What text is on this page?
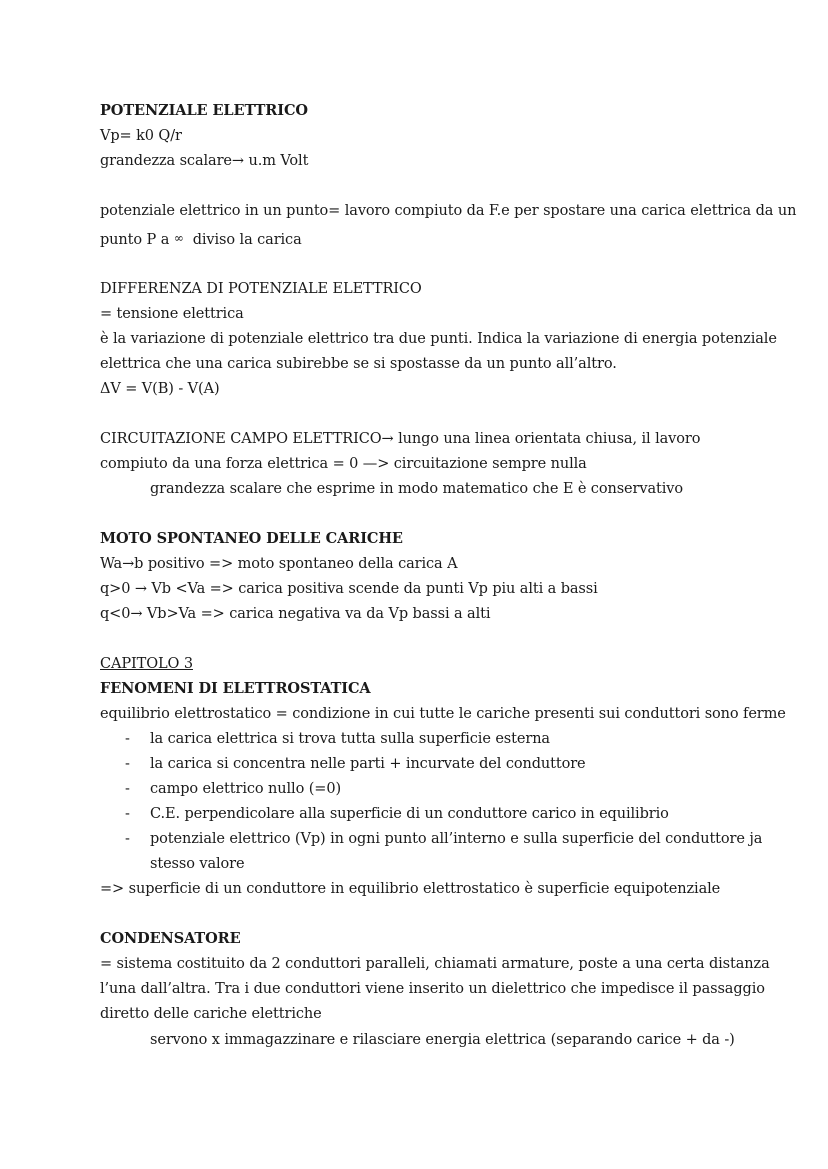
POTENZIALE ELETTRICO

Vp= k0 Q/r

grandezza scalare→ u.m Volt

potenziale elettrico in un punto= lavoro compiuto da F.e per spostare una carica elettrica da un

punto P a ∞ diviso la carica

DIFFERENZA DI POTENZIALE ELETTRICO

= tensione elettrica

è la variazione di potenziale elettrico tra due punti. Indica la variazione di energia potenziale

elettrica che una carica subirebbe se si spostasse da un punto all’altro.

ΔV = V(B) - V(A)

CIRCUITAZIONE CAMPO ELETTRICO→ lungo una linea orientata chiusa, il lavoro

compiuto da una forza elettrica = 0 —> circuitazione sempre nulla

grandezza scalare che esprime in modo matematico che E è conservativo

MOTO SPONTANEO DELLE CARICHE

Wa→b positivo => moto spontaneo della carica A

q>0 → Vb <Va => carica positiva scende da punti Vp piu alti a bassi

q<0→ Vb>Va => carica negativa va da Vp bassi a alti

CAPITOLO 3

FENOMENI DI ELETTROSTATICA

equilibrio elettrostatico = condizione in cui tutte le cariche presenti sui conduttori sono ferme

- la carica elettrica si trova tutta sulla superficie esterna

- la carica si concentra nelle parti + incurvate del conduttore

- campo elettrico nullo (=0)

- C.E. perpendicolare alla superficie di un conduttore carico in equilibrio

- potenziale elettrico (Vp) in ogni punto all’interno e sulla superficie del conduttore ja

stesso valore

=> superficie di un conduttore in equilibrio elettrostatico è superficie equipotenziale

CONDENSATORE

= sistema costituito da 2 conduttori paralleli, chiamati armature, poste a una certa distanza

l’una dall’altra. Tra i due conduttori viene inserito un dielettrico che impedisce il passaggio

diretto delle cariche elettriche

servono x immagazzinare e rilasciare energia elettrica (separando carice + da -)
